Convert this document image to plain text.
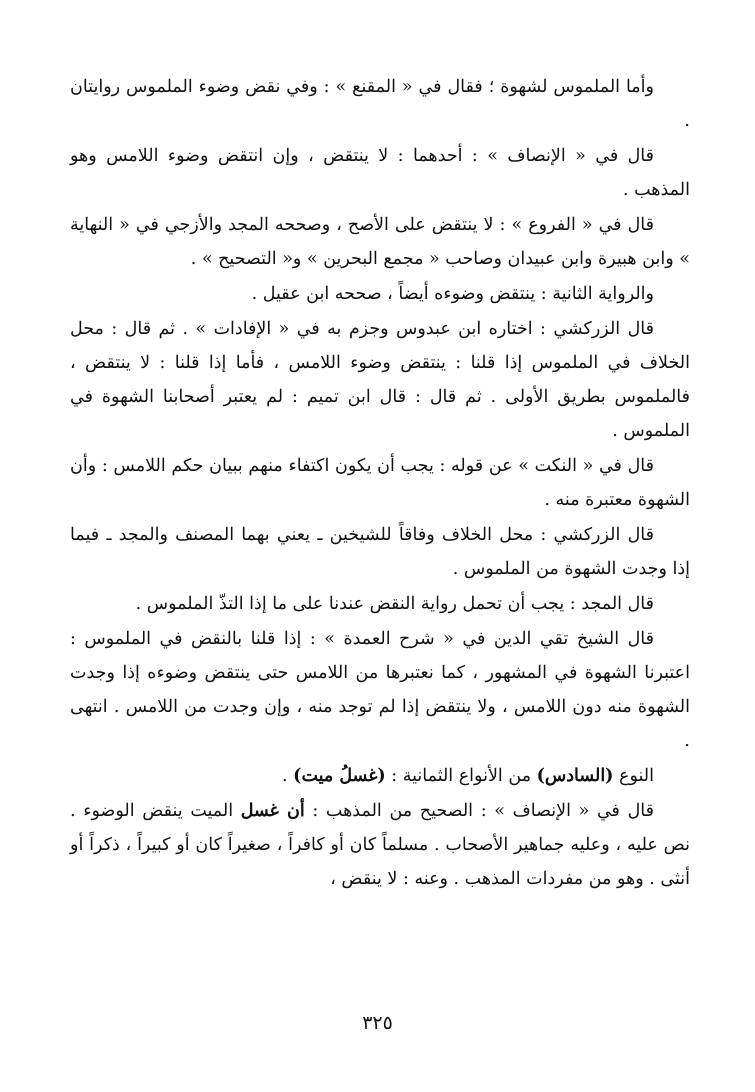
وأما الملموس لشهوة ؛ فقال في « المقنع » : وفي نقض وضوء الملموس روايتان .

قال في « الإنصاف » : أحدهما : لا ينتقض ، وإن انتقض وضوء اللامس وهو المذهب .

قال في « الفروع » : لا ينتقض على الأصح ، وصححه المجد والأزجي في « النهاية » وابن هبيرة وابن عبيدان وصاحب « مجمع البحرين » و« التصحيح » .

والرواية الثانية : ينتقض وضوءه أيضاً ، صححه ابن عقيل .

قال الزركشي : اختاره ابن عبدوس وجزم به في « الإفادات » . ثم قال : محل الخلاف في الملموس إذا قلنا : ينتقض وضوء اللامس ، فأما إذا قلنا : لا ينتقض ، فالملموس بطريق الأولى . ثم قال : قال ابن تميم : لم يعتبر أصحابنا الشهوة في الملموس .

قال في « النكت » عن قوله : يجب أن يكون اكتفاء منهم ببيان حكم اللامس : وأن الشهوة معتبرة منه .

قال الزركشي : محل الخلاف وفاقاً للشيخين ـ يعني بهما المصنف والمجد ـ فيما إذا وجدت الشهوة من الملموس .

قال المجد : يجب أن تحمل رواية النقض عندنا على ما إذا التذّ الملموس .

قال الشيخ تقي الدين في « شرح العمدة » : إذا قلنا بالنقض في الملموس : اعتبرنا الشهوة في المشهور ، كما نعتبرها من اللامس حتى ينتقض وضوءه إذا وجدت الشهوة منه دون اللامس ، ولا ينتقض إذا لم توجد منه ، وإن وجدت من اللامس . انتهى .

النوع (السادس) من الأنواع الثمانية : (غسلُ ميت) .

قال في « الإنصاف » : الصحيح من المذهب : أن غسل الميت ينقض الوضوء . نص عليه ، وعليه جماهير الأصحاب . مسلماً كان أو كافراً ، صغيراً كان أو كبيراً ، ذكراً أو أنثى . وهو من مفردات المذهب . وعنه : لا ينقض ،

٣٢٥
